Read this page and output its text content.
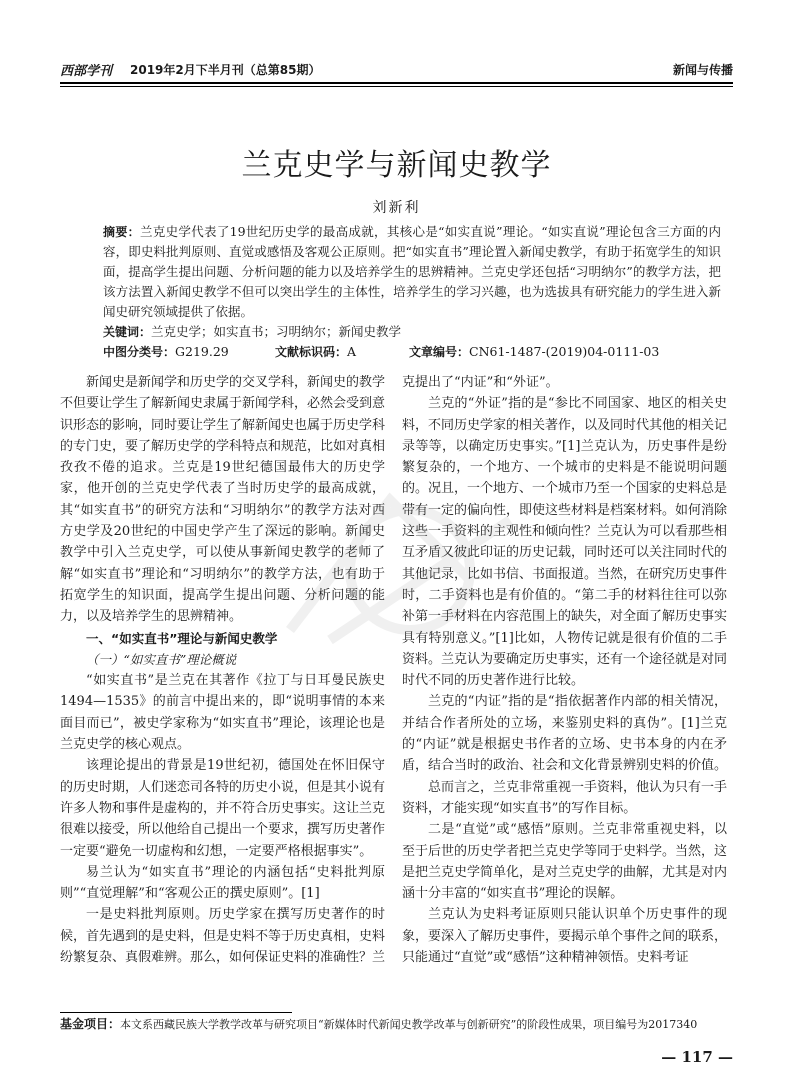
西部学刊 2019年2月下半月刊（总第85期）	新闻与传播
兰克史学与新闻史教学
刘新利
摘要：兰克史学代表了19世纪历史学的最高成就，其核心是“如实直说”理论。“如实直说”理论包含三方面的内容，即史料批判原则、直觉或感悟及客观公正原则。把“如实直书”理论置入新闻史教学，有助于拓宽学生的知识面，提高学生提出问题、分析问题的能力以及培养学生的思辨精神。兰克史学还包括“习明纳尔”的教学方法，把该方法置入新闻史教学不但可以突出学生的主体性，培养学生的学习兴趣，也为选拔具有研究能力的学生进入新闻史研究领域提供了依据。
关键词：兰克史学；如实直书；习明纳尔；新闻史教学
中图分类号：G219.29	文献标识码：A	文章编号：CN61-1487-(2019)04-0111-03

新闻史是新闻学和历史学的交叉学科，新闻史的教学不但要让学生了解新闻史隶属于新闻学科，必然会受到意识形态的影响，同时要让学生了解新闻史也属于历史学科的专门史，要了解历史学的学科特点和规范，比如对真相孜孜不倦的追求。兰克是19世纪德国最伟大的历史学家，他开创的兰克史学代表了当时历史学的最高成就，其“如实直书”的研究方法和“习明纳尔”的教学方法对西方史学及20世纪的中国史学产生了深远的影响。新闻史教学中引入兰克史学，可以使从事新闻史教学的老师了解“如实直书”理论和“习明纳尔”的教学方法，也有助于拓宽学生的知识面，提高学生提出问题、分析问题的能力，以及培养学生的思辨精神。

一、“如实直书”理论与新闻史教学

（一）“如实直书”理论概说

“如实直书”是兰克在其著作《拉丁与日耳曼民族史1494—1535》的前言中提出来的，即“说明事情的本来面目而已”，被史学家称为“如实直书”理论，该理论也是兰克史学的核心观点。

该理论提出的背景是19世纪初，德国处在怀旧保守的历史时期，人们迷恋司各特的历史小说，但是其小说有许多人物和事件是虚构的，并不符合历史事实。这让兰克很难以接受，所以他给自己提出一个要求，撰写历史著作一定要“避免一切虚构和幻想，一定要严格根据事实”。

易兰认为“如实直书”理论的内涵包括“史料批判原则”“直觉理解”和“客观公正的撰史原则”。[1]

一是史料批判原则。历史学家在撰写历史著作的时候，首先遇到的是史料，但是史料不等于历史真相，史料纷繁复杂、真假难辨。那么，如何保证史料的准确性？兰

克提出了“内证”和“外证”。

兰克的“外证”指的是“参比不同国家、地区的相关史料，不同历史学家的相关著作，以及同时代其他的相关记录等等，以确定历史事实。”[1]兰克认为，历史事件是纷繁复杂的，一个地方、一个城市的史料是不能说明问题的。况且，一个地方、一个城市乃至一个国家的史料总是带有一定的偏向性，即使这些材料是档案材料。如何消除这些一手资料的主观性和倾向性？兰克认为可以看那些相互矛盾又彼此印证的历史记载，同时还可以关注同时代的其他记录，比如书信、书面报道。当然，在研究历史事件时，二手资料也是有价值的。“第二手的材料往往可以弥补第一手材料在内容范围上的缺失，对全面了解历史事实具有特别意义。”[1]比如，人物传记就是很有价值的二手资料。兰克认为要确定历史事实，还有一个途径就是对同时代不同的历史著作进行比较。

兰克的“内证”指的是“指依据著作内部的相关情况，并结合作者所处的立场，来鉴别史料的真伪”。[1]兰克的“内证”就是根据史书作者的立场、史书本身的内在矛盾，结合当时的政治、社会和文化背景辨别史料的价值。

总而言之，兰克非常重视一手资料，他认为只有一手资料，才能实现“如实直书”的写作目标。

二是“直觉”或“感悟”原则。兰克非常重视史料，以至于后世的历史学者把兰克史学等同于史料学。当然，这是把兰克史学简单化，是对兰克史学的曲解，尤其是对内涵十分丰富的“如实直书”理论的误解。

兰克认为史料考证原则只能认识单个历史事件的现象，要深入了解历史事件，要揭示单个事件之间的联系，只能通过“直觉”或“感悟”这种精神领悟。史料考证

基金项目：本文系西藏民族大学教学改革与研究项目“新媒体时代新闻史教学改革与创新研究”的阶段性成果，项目编号为2017340
— 117 —
